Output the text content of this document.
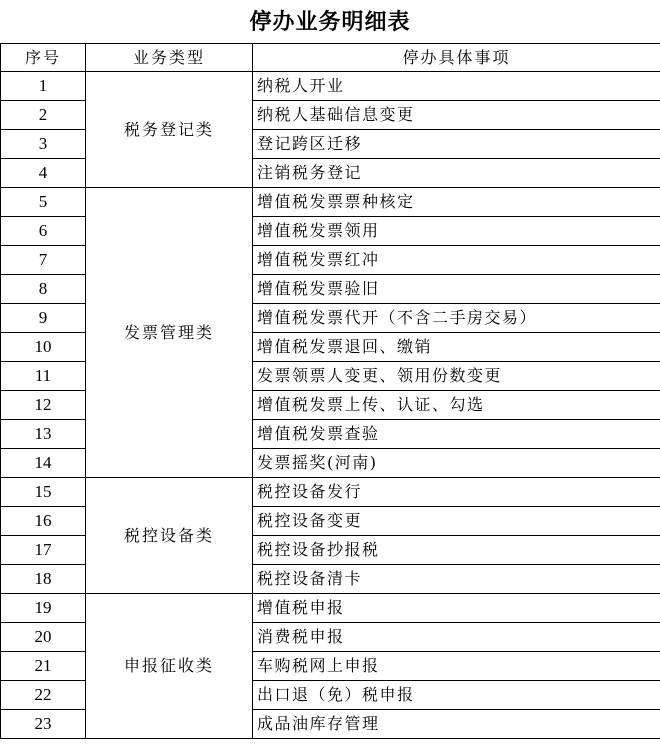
停办业务明细表
序号	业务类型	停办具体事项
1	税务登记类	纳税人开业
2		纳税人基础信息变更
3		登记跨区迁移
4		注销税务登记
5	发票管理类	增值税发票票种核定
6		增值税发票领用
7		增值税发票红冲
8		增值税发票验旧
9		增值税发票代开（不含二手房交易）
10		增值税发票退回、缴销
11		发票领票人变更、领用份数变更
12		增值税发票上传、认证、勾选
13		增值税发票查验
14		发票摇奖(河南)
15	税控设备类	税控设备发行
16		税控设备变更
17		税控设备抄报税
18		税控设备清卡
19	申报征收类	增值税申报
20		消费税申报
21		车购税网上申报
22		出口退（免）税申报
23		成品油库存管理
